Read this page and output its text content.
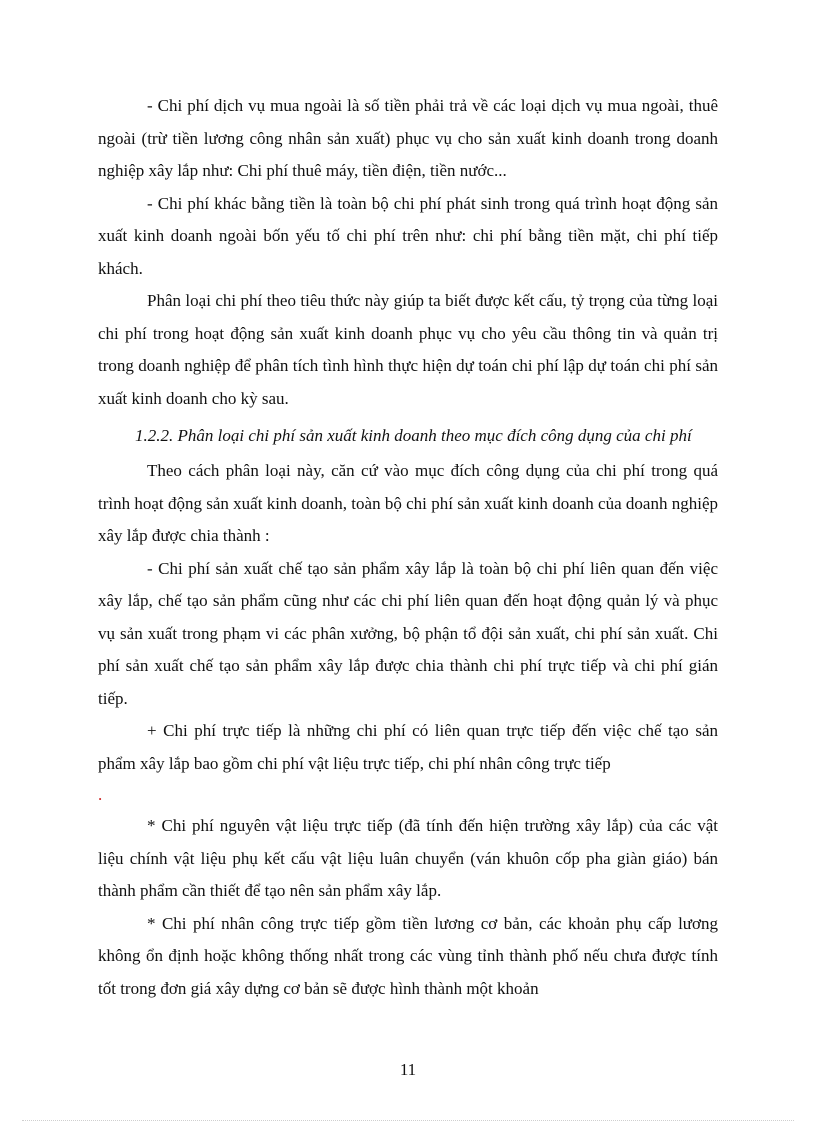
- Chi phí dịch vụ mua ngoài là số tiền phải trả về các loại dịch vụ mua ngoài, thuê ngoài (trừ tiền lương công nhân sản xuất) phục vụ cho sản xuất kinh doanh trong doanh nghiệp xây lắp như: Chi phí thuê máy, tiền điện, tiền nước...

- Chi phí khác bằng tiền là toàn bộ chi phí phát sinh trong quá trình hoạt động sản xuất kinh doanh ngoài bốn yếu tố chi phí trên như: chi phí bằng tiền mặt, chi phí tiếp khách.

Phân loại chi phí theo tiêu thức này giúp ta biết được kết cấu, tỷ trọng của từng loại chi phí trong hoạt động sản xuất kinh doanh phục vụ cho yêu cầu thông tin và quản trị trong doanh nghiệp để phân tích tình hình thực hiện dự toán chi phí lập dự toán chi phí sản xuất kinh doanh cho kỳ sau.

1.2.2. Phân loại chi phí sản xuất kinh doanh theo mục đích công dụng của chi phí

Theo cách phân loại này, căn cứ vào mục đích công dụng của chi phí trong quá trình hoạt động sản xuất kinh doanh, toàn bộ chi phí sản xuất kinh doanh của doanh nghiệp xây lắp được chia thành :

- Chi phí sản xuất chế tạo sản phẩm xây lắp là toàn bộ chi phí liên quan đến việc xây lắp, chế tạo sản phẩm cũng như các chi phí liên quan đến hoạt động quản lý và phục vụ sản xuất trong phạm vi các phân xưởng, bộ phận tổ đội sản xuất, chi phí sản xuất. Chi phí sản xuất chế tạo sản phẩm xây lắp được chia thành chi phí trực tiếp và chi phí gián tiếp.

+ Chi phí trực tiếp là những chi phí có liên quan trực tiếp đến việc chế tạo sản phẩm xây lắp bao gồm chi phí vật liệu trực tiếp, chi phí nhân công trực tiếp

.

* Chi phí nguyên vật liệu trực tiếp (đã tính đến hiện trường xây lắp) của các vật liệu chính vật liệu phụ kết cấu vật liệu luân chuyển (ván khuôn cốp pha giàn giáo) bán thành phẩm cần thiết để tạo nên sản phẩm xây lắp.

* Chi phí nhân công trực tiếp gồm tiền lương cơ bản, các khoản phụ cấp lương không ổn định hoặc không thống nhất trong các vùng tỉnh thành phố nếu chưa được tính tốt trong đơn giá xây dựng cơ bản sẽ được hình thành một khoản

11
